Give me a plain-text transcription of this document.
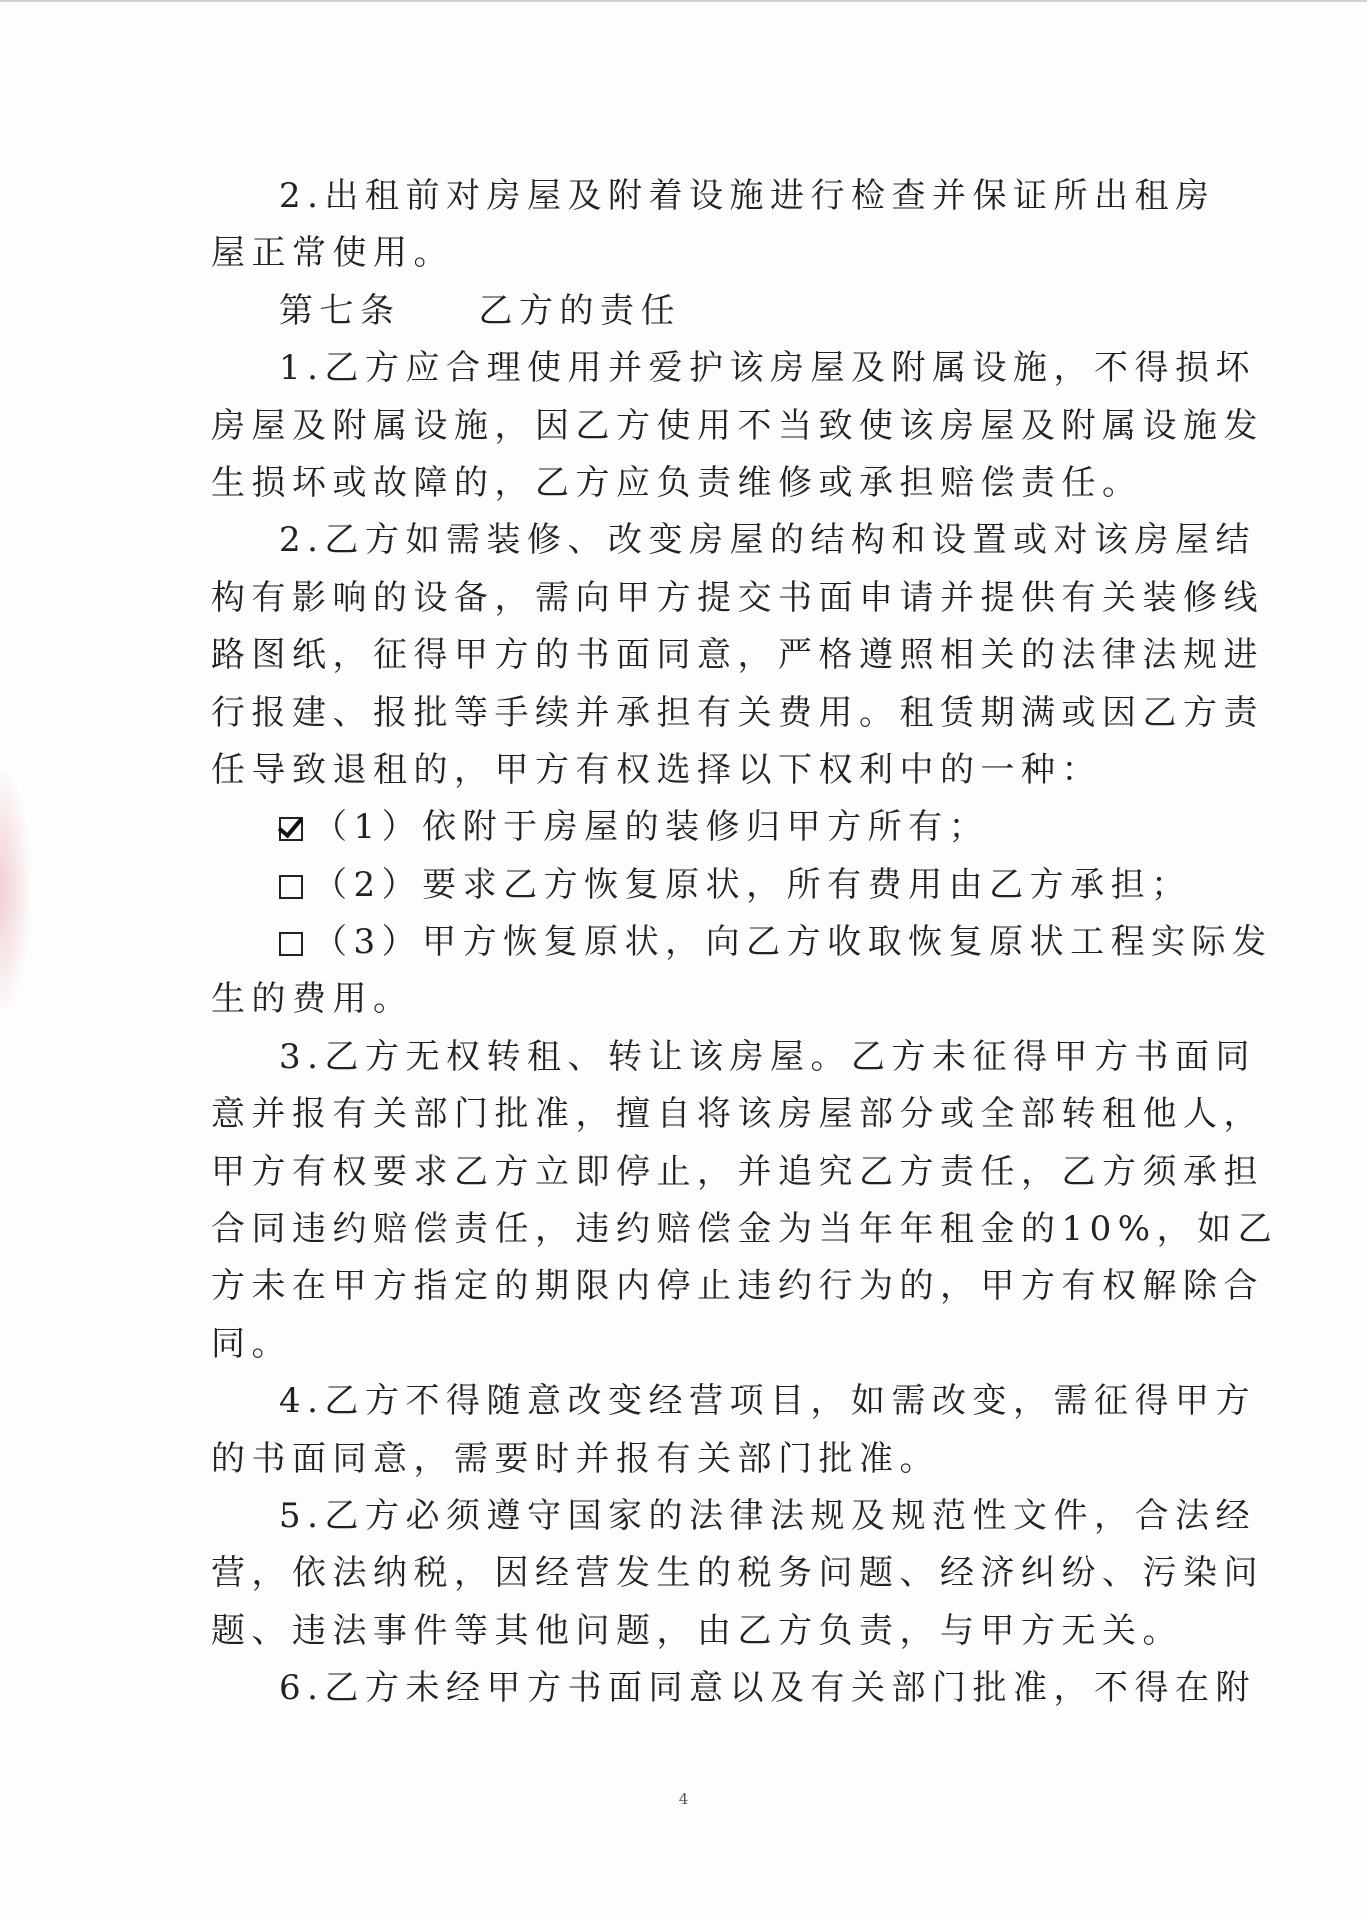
2.出租前对房屋及附着设施进行检查并保证所出租房
屋正常使用。
第七条 乙方的责任
1.乙方应合理使用并爱护该房屋及附属设施，不得损坏
房屋及附属设施，因乙方使用不当致使该房屋及附属设施发
生损坏或故障的，乙方应负责维修或承担赔偿责任。
2.乙方如需装修、改变房屋的结构和设置或对该房屋结
构有影响的设备，需向甲方提交书面申请并提供有关装修线
路图纸，征得甲方的书面同意，严格遵照相关的法律法规进
行报建、报批等手续并承担有关费用。租赁期满或因乙方责
任导致退租的，甲方有权选择以下权利中的一种：
（1）依附于房屋的装修归甲方所有；
（2）要求乙方恢复原状，所有费用由乙方承担；
（3）甲方恢复原状，向乙方收取恢复原状工程实际发
生的费用。
3.乙方无权转租、转让该房屋。乙方未征得甲方书面同
意并报有关部门批准，擅自将该房屋部分或全部转租他人，
甲方有权要求乙方立即停止，并追究乙方责任，乙方须承担
合同违约赔偿责任，违约赔偿金为当年年租金的10%，如乙
方未在甲方指定的期限内停止违约行为的，甲方有权解除合
同。
4.乙方不得随意改变经营项目，如需改变，需征得甲方
的书面同意，需要时并报有关部门批准。
5.乙方必须遵守国家的法律法规及规范性文件，合法经
营，依法纳税，因经营发生的税务问题、经济纠纷、污染问
题、违法事件等其他问题，由乙方负责，与甲方无关。
6.乙方未经甲方书面同意以及有关部门批准，不得在附
4
